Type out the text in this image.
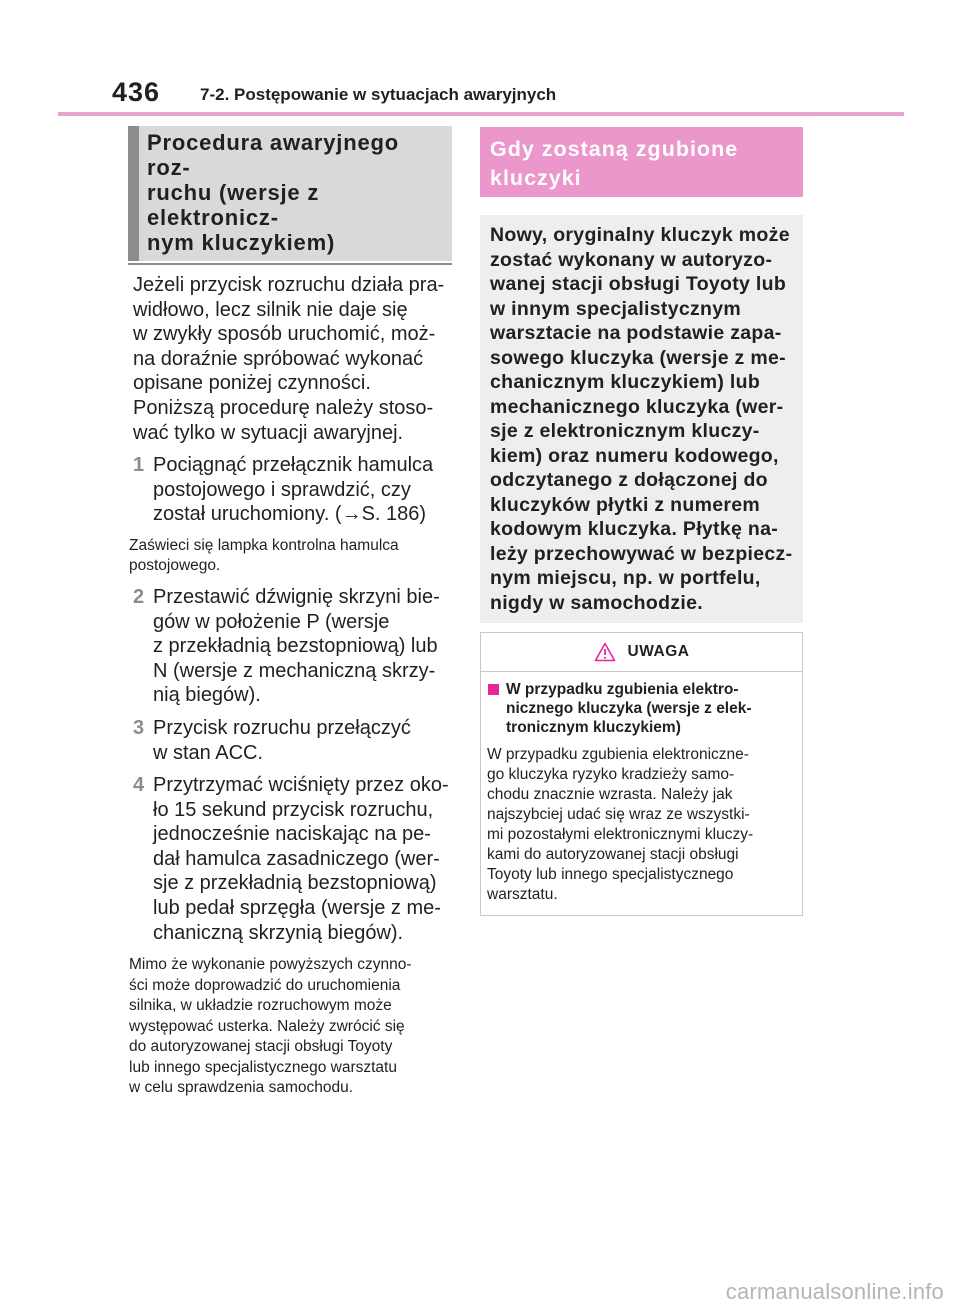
436 7-2. Postępowanie w sytuacjach awaryjnych
Procedura awaryjnego roz-
ruchu (wersje z elektronicz-
nym kluczykiem)
Jeżeli przycisk rozruchu działa pra-
widłowo, lecz silnik nie daje się
w zwykły sposób uruchomić, moż-
na doraźnie spróbować wykonać
opisane poniżej czynności.
Poniższą procedurę należy stoso-
wać tylko w sytuacji awaryjnej.
1 Pociągnąć przełącznik hamulca
postojowego i sprawdzić, czy
został uruchomiony. (→S. 186)
Zaświeci się lampka kontrolna hamulca
postojowego.
2 Przestawić dźwignię skrzyni bie-
gów w położenie P (wersje
z przekładnią bezstopniową) lub
N (wersje z mechaniczną skrzy-
nią biegów).
3 Przycisk rozruchu przełączyć
w stan ACC.
4 Przytrzymać wciśnięty przez oko-
ło 15 sekund przycisk rozruchu,
jednocześnie naciskając na pe-
dał hamulca zasadniczego (wer-
sje z przekładnią bezstopniową)
lub pedał sprzęgła (wersje z me-
chaniczną skrzynią biegów).
Mimo że wykonanie powyższych czynno-
ści może doprowadzić do uruchomienia
silnika, w układzie rozruchowym może
występować usterka. Należy zwrócić się
do autoryzowanej stacji obsługi Toyoty
lub innego specjalistycznego warsztatu
w celu sprawdzenia samochodu.
Gdy zostaną zgubione
kluczyki
Nowy, oryginalny kluczyk może
zostać wykonany w autoryzo-
wanej stacji obsługi Toyoty lub
w innym specjalistycznym
warsztacie na podstawie zapa-
sowego kluczyka (wersje z me-
chanicznym kluczykiem) lub
mechanicznego kluczyka (wer-
sje z elektronicznym kluczy-
kiem) oraz numeru kodowego,
odczytanego z dołączonej do
kluczyków płytki z numerem
kodowym kluczyka. Płytkę na-
leży przechowywać w bezpiecz-
nym miejscu, np. w portfelu,
nigdy w samochodzie.
UWAGA
W przypadku zgubienia elektro-
nicznego kluczyka (wersje z elek-
tronicznym kluczykiem)
W przypadku zgubienia elektroniczne-
go kluczyka ryzyko kradzieży samo-
chodu znacznie wzrasta. Należy jak
najszybciej udać się wraz ze wszystki-
mi pozostałymi elektronicznymi kluczy-
kami do autoryzowanej stacji obsługi
Toyoty lub innego specjalistycznego
warsztatu.
carmanualsonline.info
